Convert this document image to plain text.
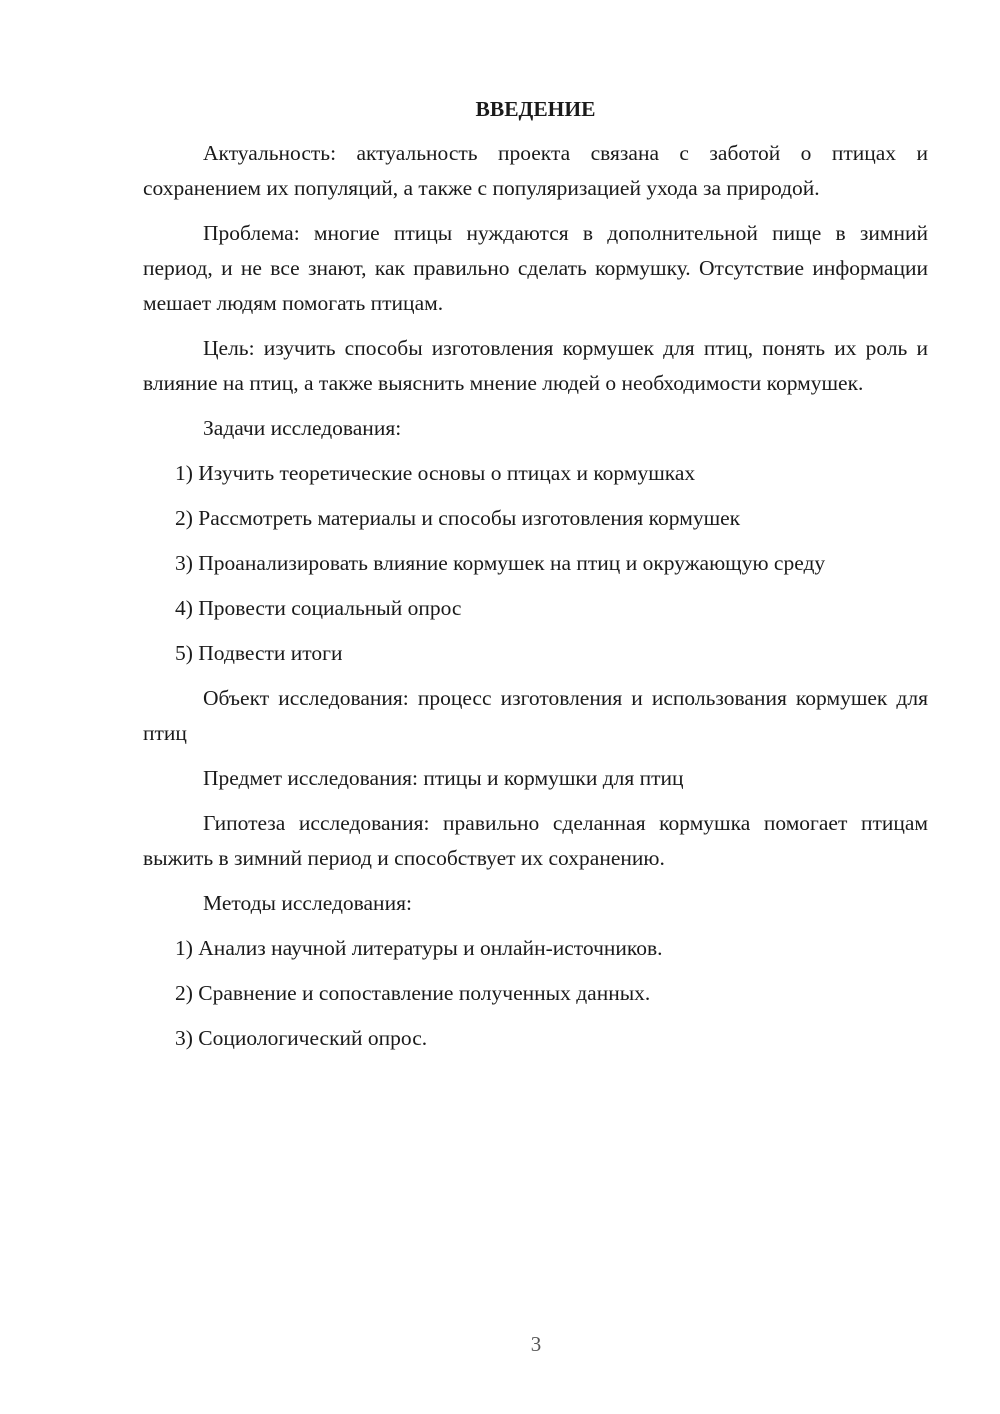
ВВЕДЕНИЕ

Актуальность: актуальность проекта связана с заботой о птицах и сохранением их популяций, а также с популяризацией ухода за природой.

Проблема: многие птицы нуждаются в дополнительной пище в зимний период, и не все знают, как правильно сделать кормушку. Отсутствие информации мешает людям помогать птицам.

Цель: изучить способы изготовления кормушек для птиц, понять их роль и влияние на птиц, а также выяснить мнение людей о необходимости кормушек.

Задачи исследования:

1) Изучить теоретические основы о птицах и кормушках

2) Рассмотреть материалы и способы изготовления кормушек

3) Проанализировать влияние кормушек на птиц и окружающую среду

4) Провести социальный опрос

5) Подвести итоги

Объект исследования: процесс изготовления и использования кормушек для птиц

Предмет исследования: птицы и кормушки для птиц

Гипотеза исследования: правильно сделанная кормушка помогает птицам выжить в зимний период и способствует их сохранению.

Методы исследования:

1) Анализ научной литературы и онлайн-источников.

2) Сравнение и сопоставление полученных данных.

3) Социологический опрос.

3
